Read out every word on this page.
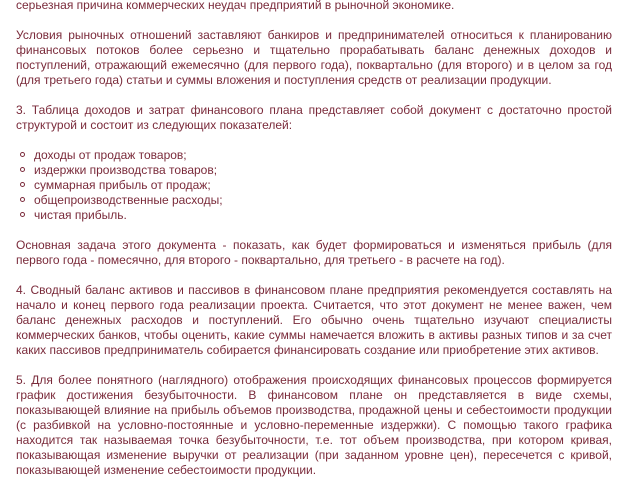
серьезная причина коммерческих неудач предприятий в рыночной экономике.

Условия рыночных отношений заставляют банкиров и предпринимателей относиться к планированию финансовых потоков более серьезно и тщательно прорабатывать баланс денежных доходов и поступлений, отражающий ежемесячно (для первого года), поквартально (для второго) и в целом за год (для третьего года) статьи и суммы вложения и поступления средств от реализации продукции.

3. Таблица доходов и затрат финансового плана представляет собой документ с достаточно простой структурой и состоит из следующих показателей:

доходы от продаж товаров;
издержки производства товаров;
суммарная прибыль от продаж;
общепроизводственные расходы;
чистая прибыль.

Основная задача этого документа - показать, как будет формироваться и изменяться прибыль (для первого года - помесячно, для второго - поквартально, для третьего - в расчете на год).

4. Сводный баланс активов и пассивов в финансовом плане предприятия рекомендуется составлять на начало и конец первого года реализации проекта. Считается, что этот документ не менее важен, чем баланс денежных расходов и поступлений. Его обычно очень тщательно изучают специалисты коммерческих банков, чтобы оценить, какие суммы намечается вложить в активы разных типов и за счет каких пассивов предприниматель собирается финансировать создание или приобретение этих активов.

5. Для более понятного (наглядного) отображения происходящих финансовых процессов формируется график достижения безубыточности. В финансовом плане он представляется в виде схемы, показывающей влияние на прибыль объемов производства, продажной цены и себестоимости продукции (с разбивкой на условно-постоянные и условно-переменные издержки). С помощью такого графика находится так называемая точка безубыточности, т.е. тот объем производства, при котором кривая, показывающая изменение выручки от реализации (при заданном уровне цен), пересечется с кривой, показывающей изменение себестоимости продукции.
